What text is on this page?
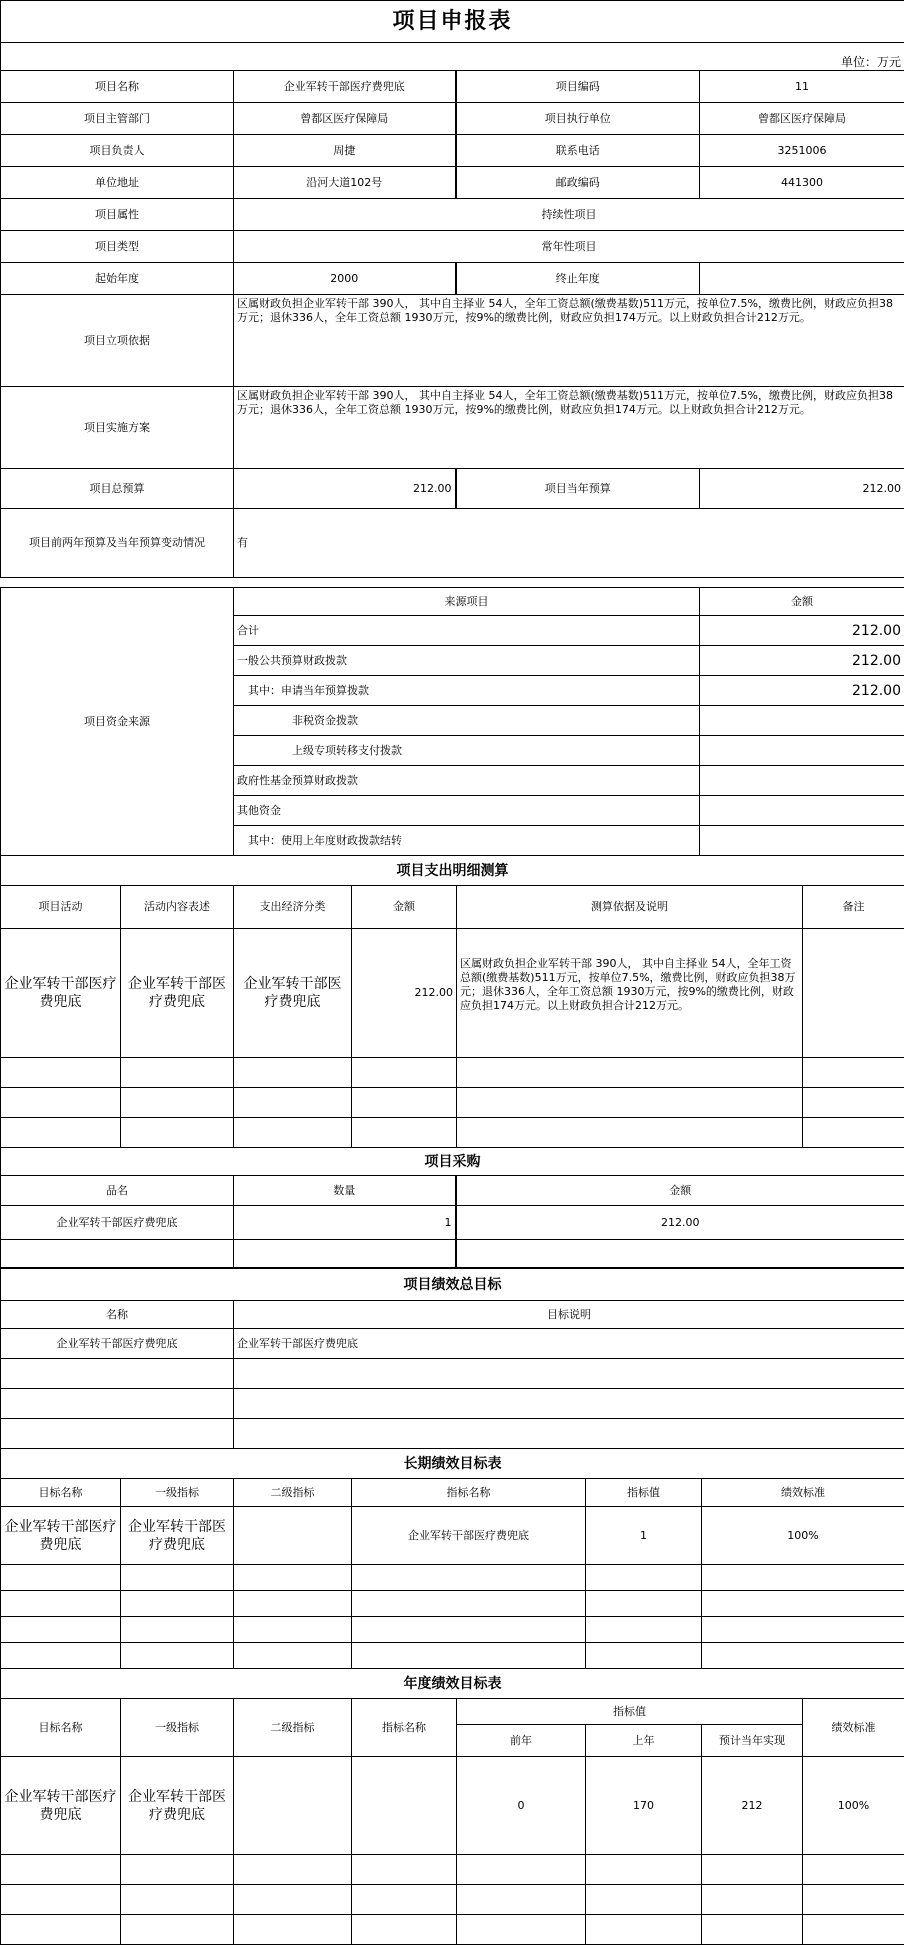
项目申报表			
单位：万元			
项目名称	企业军转干部医疗费兜底	项目编码	11
项目主管部门	曾都区医疗保障局	项目执行单位	曾都区医疗保障局
项目负责人	周捷	联系电话	3251006
单位地址	沿河大道102号	邮政编码	441300
项目属性	持续性项目		
项目类型	常年性项目		
起始年度	2000	终止年度	
项目立项依据	区属财政负担企业军转干部 390人， 其中自主择业 54人，全年工资总额(缴费基数)511万元，按单位7.5%，缴费比例，财政应负担38万元；退休336人，全年工资总额 1930万元，按9%的缴费比例，财政应负担174万元。以上财政负担合计212万元。		
项目实施方案	区属财政负担企业军转干部 390人， 其中自主择业 54人，全年工资总额(缴费基数)511万元，按单位7.5%，缴费比例，财政应负担38万元；退休336人，全年工资总额 1930万元，按9%的缴费比例，财政应负担174万元。以上财政负担合计212万元。		
项目总预算	212.00	项目当年预算	212.00
项目前两年预算及当年预算变动情况	有		
项目资金来源	来源项目	金额
	合计	212.00
	一般公共预算财政拨款	212.00
	其中：申请当年预算拨款	212.00
	非税资金拨款	
	上级专项转移支付拨款	
	政府性基金预算财政拨款	
	其他资金	
	其中：使用上年度财政拨款结转	
项目支出明细测算					
项目活动	活动内容表述	支出经济分类	金额	测算依据及说明	备注
企业军转干部医疗费兜底	企业军转干部医疗费兜底	企业军转干部医疗费兜底	212.00	区属财政负担企业军转干部 390人， 其中自主择业 54人，全年工资总额(缴费基数)511万元，按单位7.5%，缴费比例，财政应负担38万元；退休336人，全年工资总额 1930万元，按9%的缴费比例，财政应负担174万元。以上财政负担合计212万元。	

项目采购		
品名	数量	金额
企业军转干部医疗费兜底	1	212.00

项目绩效总目标	
名称	目标说明
企业军转干部医疗费兜底	企业军转干部医疗费兜底

长期绩效目标表					
目标名称	一级指标	二级指标	指标名称	指标值	绩效标准
企业军转干部医疗费兜底	企业军转干部医疗费兜底		企业军转干部医疗费兜底	1	100%

年度绩效目标表							
目标名称	一级指标	二级指标	指标名称	指标值			绩效标准
				前年	上年	预计当年实现	
企业军转干部医疗费兜底	企业军转干部医疗费兜底			0	170	212	100%
